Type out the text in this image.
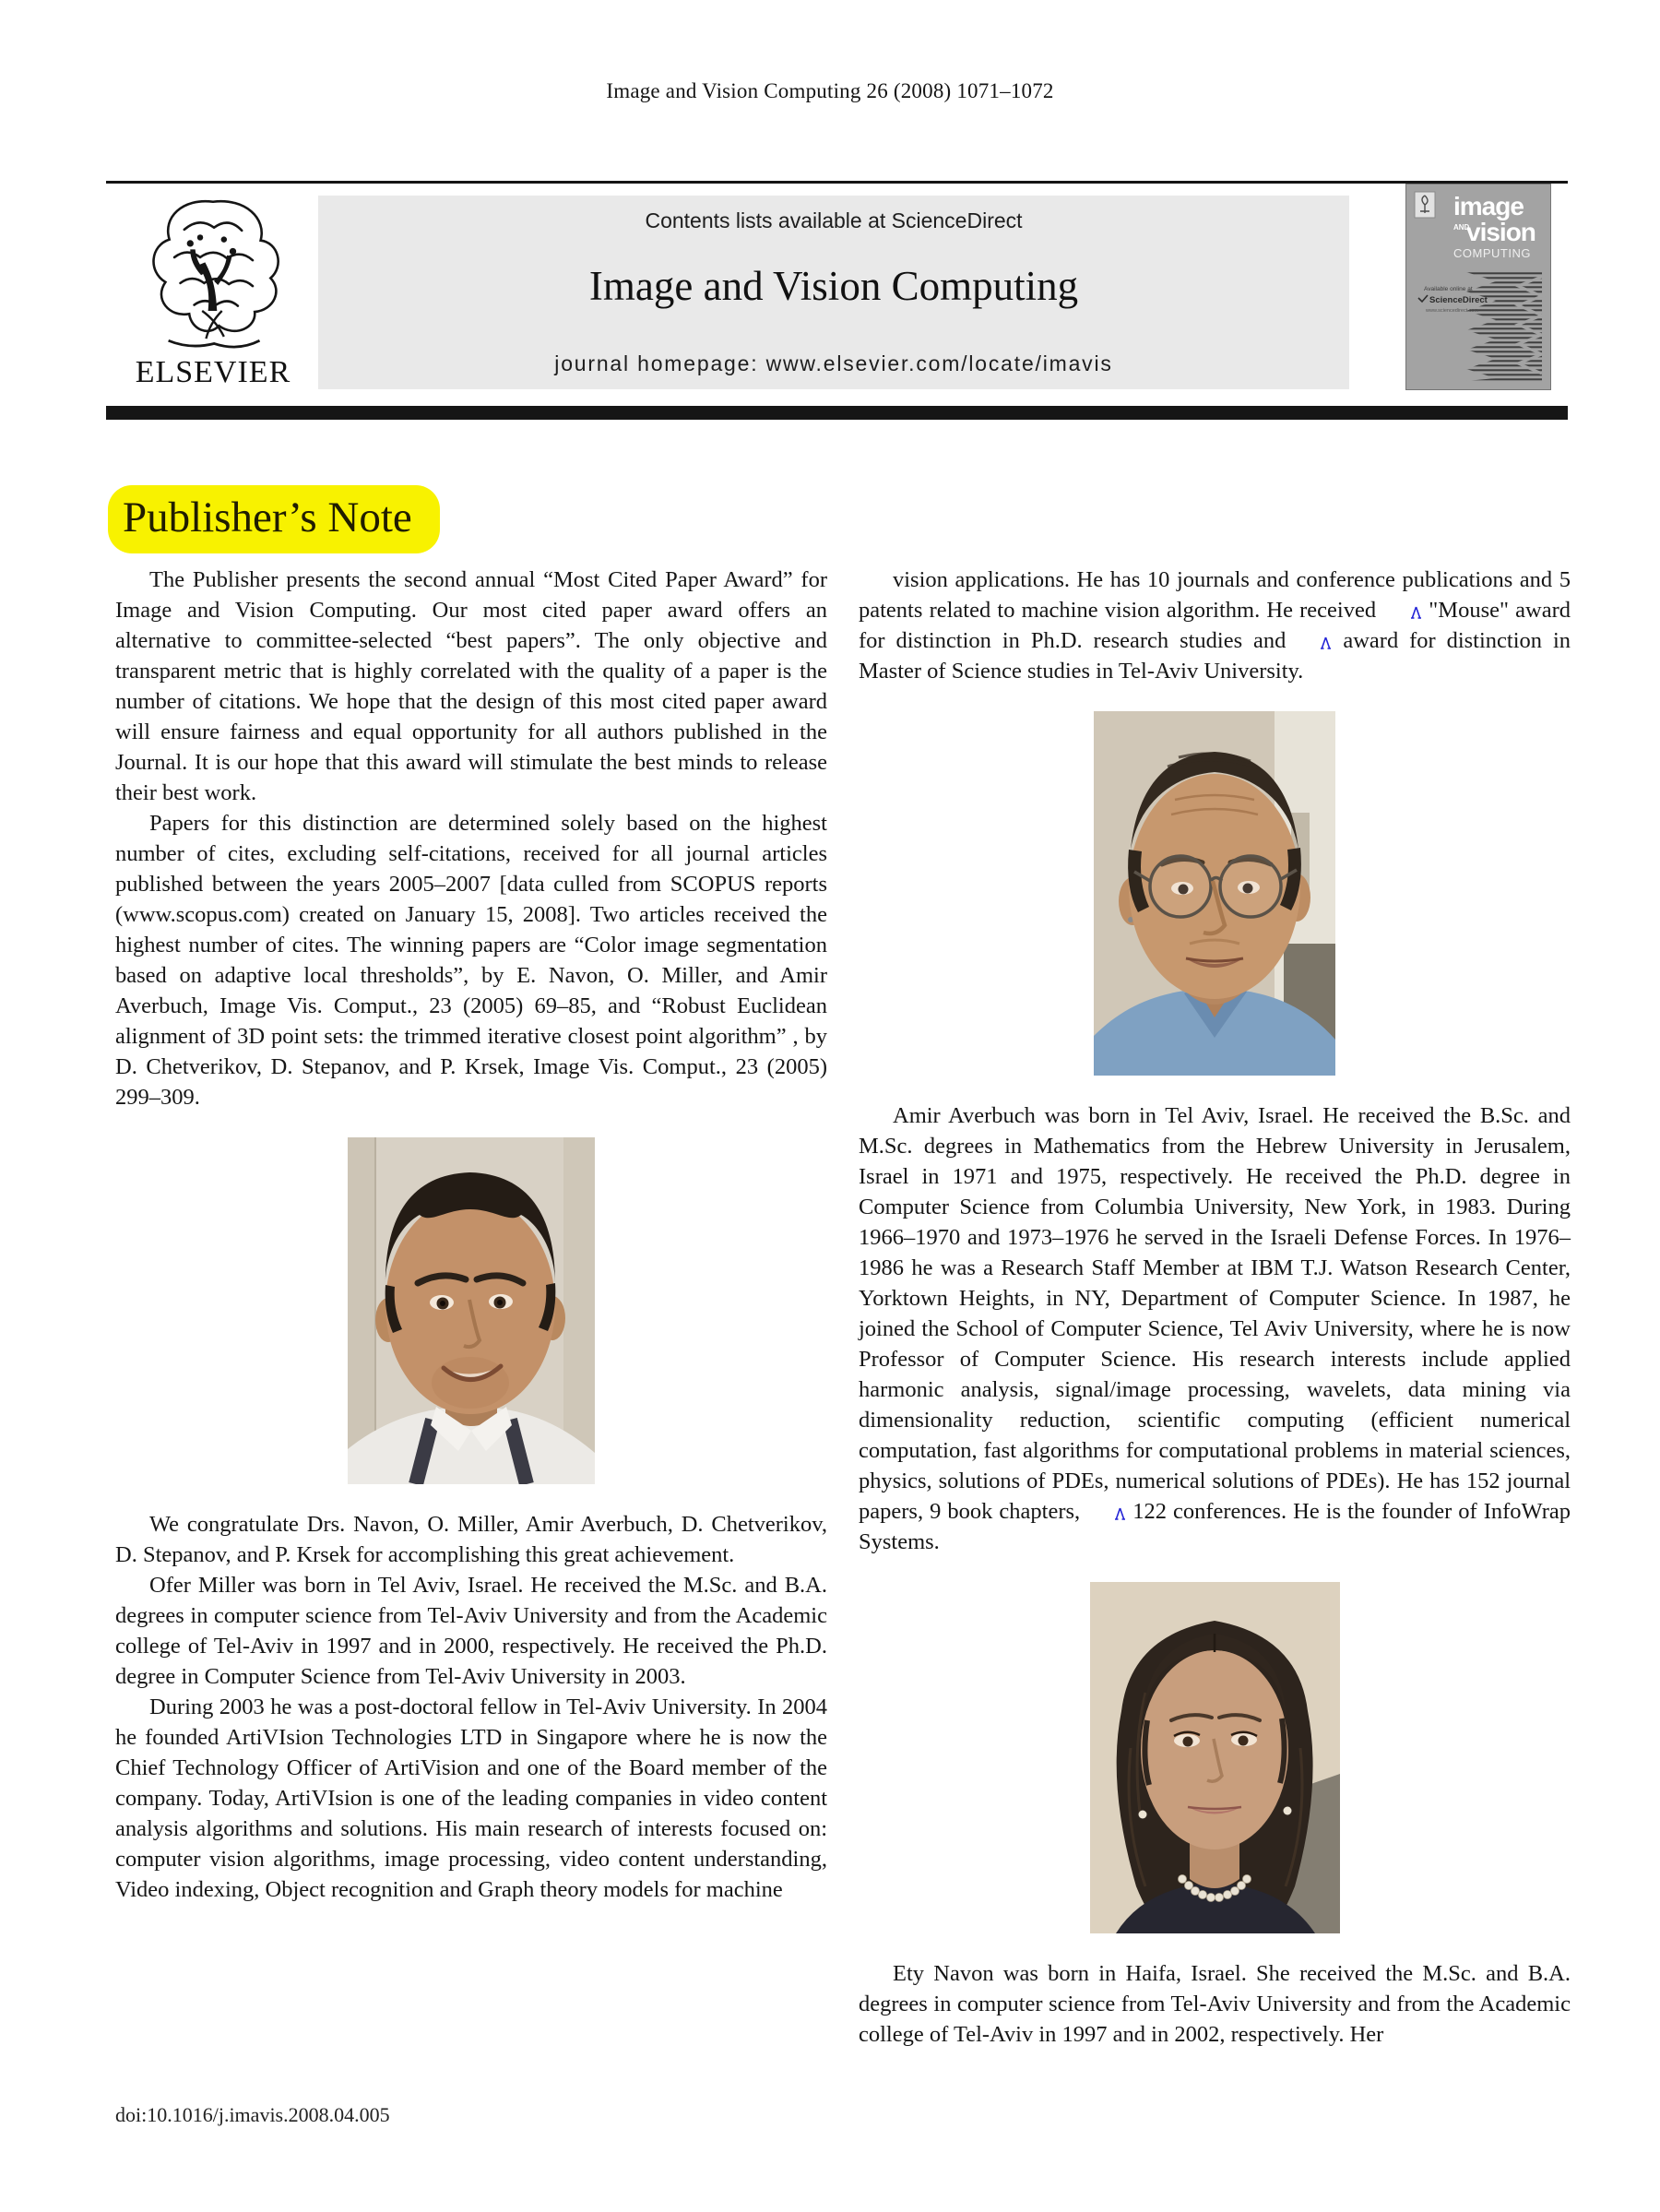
Image and Vision Computing 26 (2008) 1071–1072
ELSEVIER
Contents lists available at ScienceDirect
Image and Vision Computing
journal homepage: www.elsevier.com/locate/imavis
image
AND
vision
COMPUTING
Available online at
ScienceDirect
www.sciencedirect.com
Publisher’s Note

The Publisher presents the second annual “Most Cited Paper Award” for Image and Vision Computing. Our most cited paper award offers an alternative to committee-selected “best papers”. The only objective and transparent metric that is highly correlated with the quality of a paper is the number of citations. We hope that the design of this most cited paper award will ensure fairness and equal opportunity for all authors published in the Journal. It is our hope that this award will stimulate the best minds to release their best work.

Papers for this distinction are determined solely based on the highest number of cites, excluding self-citations, received for all journal articles published between the years 2005–2007 [data culled from SCOPUS reports (www.scopus.com) created on January 15, 2008]. Two articles received the highest number of cites. The winning papers are “Color image segmentation based on adaptive local thresholds”, by E. Navon, O. Miller, and Amir Averbuch, Image Vis. Comput., 23 (2005) 69–85, and “Robust Euclidean alignment of 3D point sets: the trimmed iterative closest point algorithm” , by D. Chetverikov, D. Stepanov, and P. Krsek, Image Vis. Comput., 23 (2005) 299–309.

We congratulate Drs. Navon, O. Miller, Amir Averbuch, D. Chetverikov, D. Stepanov, and P. Krsek for accomplishing this great achievement.

Ofer Miller was born in Tel Aviv, Israel. He received the M.Sc. and B.A. degrees in computer science from Tel-Aviv University and from the Academic college of Tel-Aviv in 1997 and in 2000, respectively. He received the Ph.D. degree in Computer Science from Tel-Aviv University in 2003.

During 2003 he was a post-doctoral fellow in Tel-Aviv University. In 2004 he founded ArtiVIsion Technologies LTD in Singapore where he is now the Chief Technology Officer of ArtiVision and one of the Board member of the company. Today, ArtiVIsion is one of the leading companies in video content analysis algorithms and solutions. His main research of interests focused on: computer vision algorithms, image processing, video content understanding, Video indexing, Object recognition and Graph theory models for machine

vision applications. He has 10 journals and conference publications and 5 patents related to machine vision algorithm. He received "Mouse" award for distinction in Ph.D. research studies and award for distinction in Master of Science studies in Tel-Aviv University.

Amir Averbuch was born in Tel Aviv, Israel. He received the B.Sc. and M.Sc. degrees in Mathematics from the Hebrew University in Jerusalem, Israel in 1971 and 1975, respectively. He received the Ph.D. degree in Computer Science from Columbia University, New York, in 1983. During 1966–1970 and 1973–1976 he served in the Israeli Defense Forces. In 1976–1986 he was a Research Staff Member at IBM T.J. Watson Research Center, Yorktown Heights, in NY, Department of Computer Science. In 1987, he joined the School of Computer Science, Tel Aviv University, where he is now Professor of Computer Science. His research interests include applied harmonic analysis, signal/image processing, wavelets, data mining via dimensionality reduction, scientific computing (efficient numerical computation, fast algorithms for computational problems in material sciences, physics, solutions of PDEs, numerical solutions of PDEs). He has 152 journal papers, 9 book chapters, 122 conferences. He is the founder of InfoWrap Systems.

Ety Navon was born in Haifa, Israel. She received the M.Sc. and B.A. degrees in computer science from Tel-Aviv University and from the Academic college of Tel-Aviv in 1997 and in 2002, respectively. Her

doi:10.1016/j.imavis.2008.04.005
